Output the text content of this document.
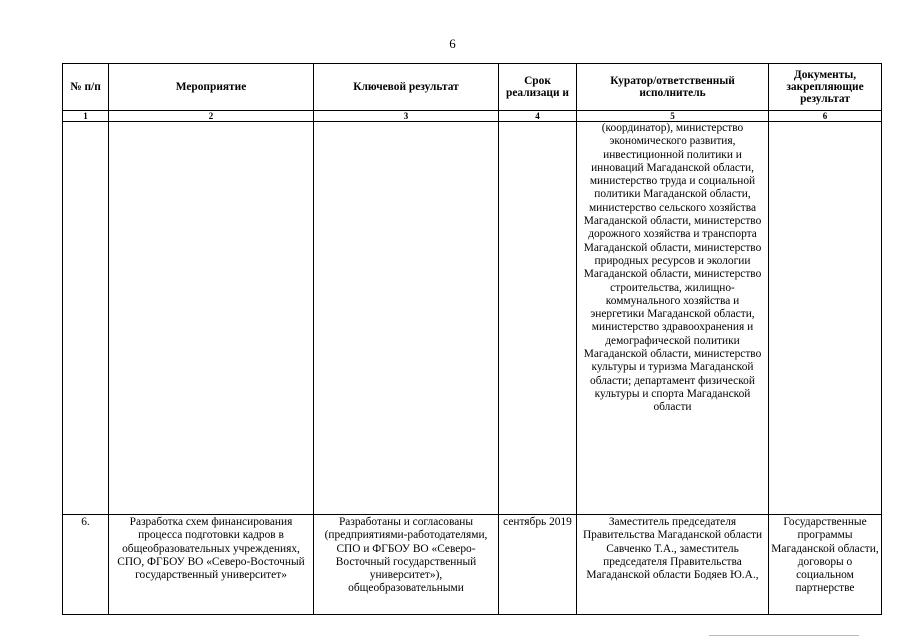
6
№ п/п	Мероприятие	Ключевой результат	Срок реализаци и	Куратор/ответственный исполнитель	Документы, закрепляющие результат
1	2	3	4	5	6
				(координатор), министерство экономического развития, инвестиционной политики и инноваций Магаданской области, министерство труда и социальной политики Магаданской области, министерство сельского хозяйства Магаданской области, министерство дорожного хозяйства и транспорта Магаданской области, министерство природных ресурсов и экологии Магаданской области, министерство строительства, жилищно-коммунального хозяйства и энергетики Магаданской области, министерство здравоохранения и демографической политики Магаданской области, министерство культуры и туризма Магаданской области; департамент физической культуры и спорта Магаданской области	
6.	Разработка схем финансирования процесса подготовки кадров в общеобразовательных учреждениях, СПО, ФГБОУ ВО «Северо-Восточный государственный университет»	Разработаны и согласованы (предприятиями-работодателями, СПО и ФГБОУ ВО «Северо-Восточный государственный университет»), общеобразовательными	сентябрь 2019	Заместитель председателя Правительства Магаданской области Савченко Т.А., заместитель председателя Правительства Магаданской области Бодяев Ю.А.,	Государственные программы Магаданской области, договоры о социальном партнерстве
